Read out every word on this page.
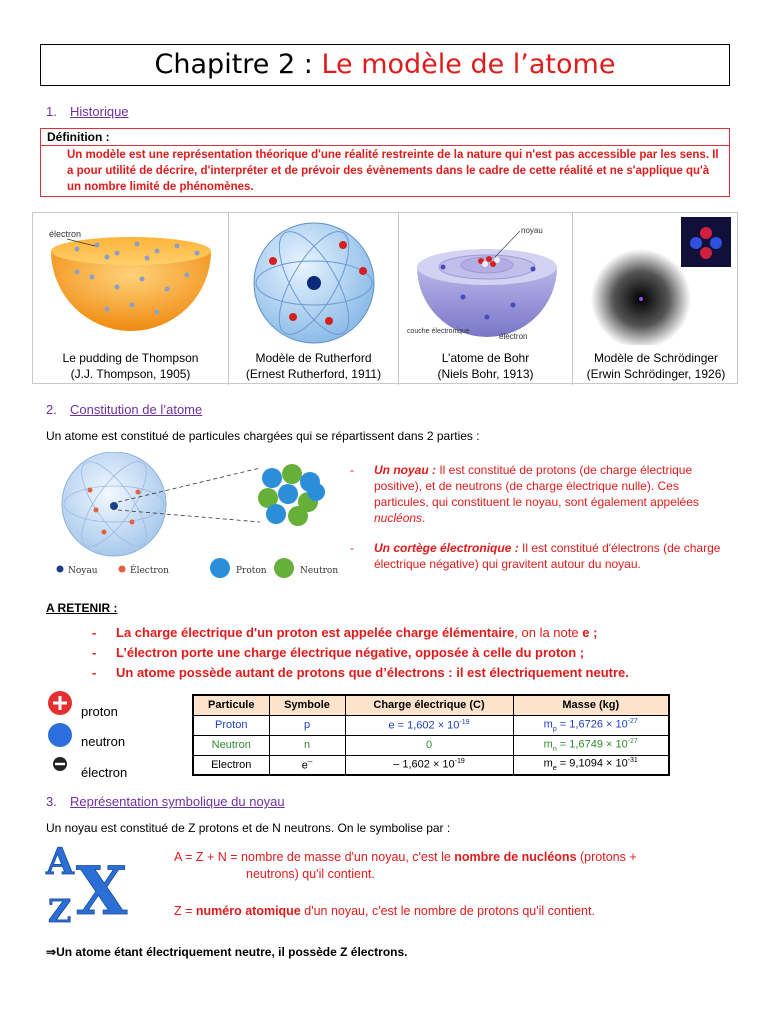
Chapitre 2 : Le modèle de l’atome
1. Historique
Définition :
Un modèle est une représentation théorique d'une réalité restreinte de la nature qui n'est pas accessible par les sens. Il a pour utilité de décrire, d'interpréter et de prévoir des évènements dans le cadre de cette réalité et ne s'applique qu'à un nombre limité de phénomènes.
électron
Le pudding de Thompson
(J.J. Thompson, 1905)
Modèle de Rutherford
(Ernest Rutherford, 1911)
noyau
couche électronique
électron
L’atome de Bohr
(Niels Bohr, 1913)
Modèle de Schrödinger
(Erwin Schrödinger, 1926)
2. Constitution de l’atome
Un atome est constitué de particules chargées qui se répartissent dans 2 parties :
Noyau	Électron	Proton	Neutron
-	Un noyau : Il est constitué de protons (de charge électrique positive), et de neutrons (de charge électrique nulle). Ces particules, qui constituent le noyau, sont également appelées nucléons.
-	Un cortège électronique : Il est constitué d'électrons (de charge électrique négative) qui gravitent autour du noyau.
A RETENIR :
- La charge électrique d'un proton est appelée charge élémentaire, on la note e ;
- L’électron porte une charge électrique négative, opposée à celle du proton ;
- Un atome possède autant de protons que d’électrons : il est électriquement neutre.
proton
neutron
électron
Particule	Symbole	Charge électrique (C)	Masse (kg)
Proton	p	$e = 1,602 \times 10^{-19}$	$m_p = 1,6726 \times 10^{-27}$
Neutron	n	0	$m_n = 1,6749 \times 10^{-27}$
Electron	e–	– $1,602 \times 10^{-19}$	$m_e = 9,1094 \times 10^{-31}$
3. Représentation symbolique du noyau
Un noyau est constitué de Z protons et de N neutrons. On le symbolise par :
A
Z X	A = Z + N = nombre de masse d'un noyau, c'est le nombre de nucléons (protons +
neutrons) qu'il contient.
Z = numéro atomique d'un noyau, c'est le nombre de protons qu'il contient.
⇒Un atome étant électriquement neutre, il possède Z électrons.
